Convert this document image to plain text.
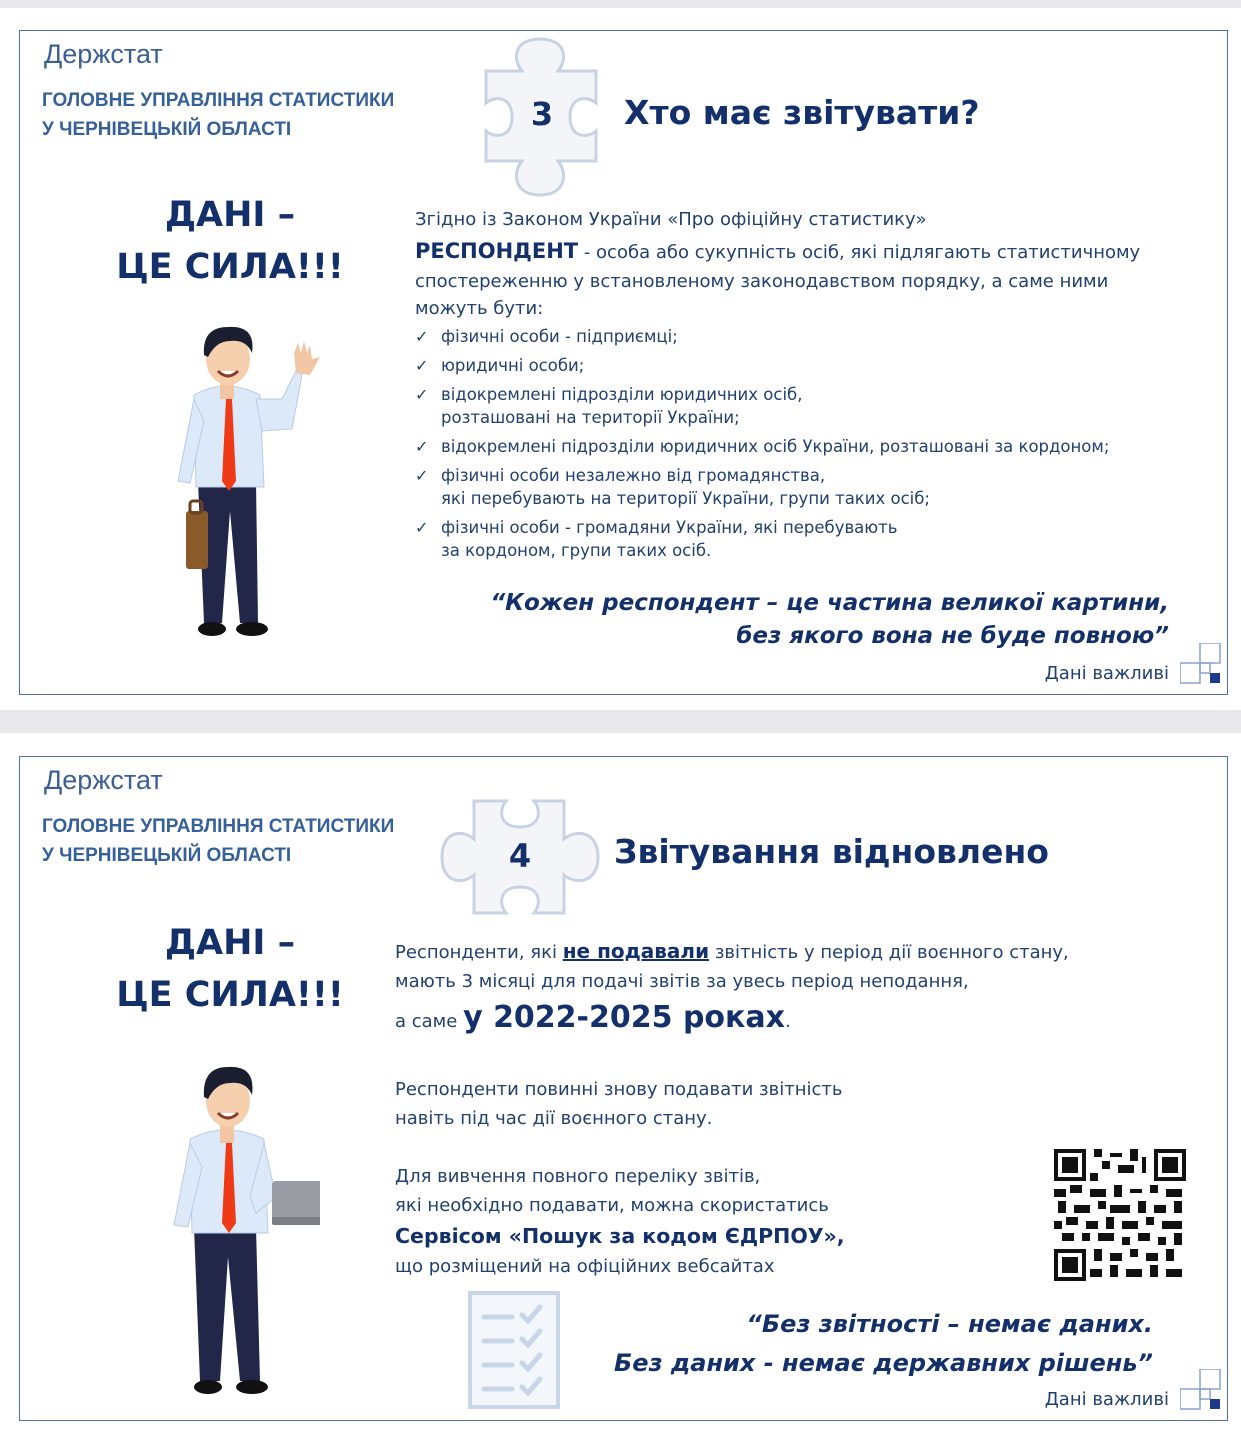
Держстат
ГОЛОВНЕ УПРАВЛІННЯ СТАТИСТИКИ
У ЧЕРНІВЕЦЬКІЙ ОБЛАСТІ
ДАНІ –
ЦЕ СИЛА!!!
3 Хто має звітувати?
Згідно із Законом України «Про офіційну статистику»
РЕСПОНДЕНТ - особа або сукупність осіб, які підлягають статистичному
спостереженню у встановленому законодавством порядку, а саме ними
можуть бути:
✓ фізичні особи - підприємці;
✓ юридичні особи;
✓ відокремлені підрозділи юридичних осіб,
розташовані на території України;
✓ відокремлені підрозділи юридичних осіб України, розташовані за кордоном;
✓ фізичні особи незалежно від громадянства,
які перебувають на території України, групи таких осіб;
✓ фізичні особи - громадяни України, які перебувають
за кордоном, групи таких осіб.
“Кожен респондент – це частина великої картини,
без якого вона не буде повною”
Дані важливі
Держстат
ГОЛОВНЕ УПРАВЛІННЯ СТАТИСТИКИ
У ЧЕРНІВЕЦЬКІЙ ОБЛАСТІ
ДАНІ –
ЦЕ СИЛА!!!
4	Звітування відновлено
Респонденти, які не подавали звітність у період дії воєнного стану,
мають 3 місяці для подачі звітів за увесь період неподання,
а саме у 2022-2025 роках.
Респонденти повинні знову подавати звітність
навіть під час дії воєнного стану.
Для вивчення повного переліку звітів,
які необхідно подавати, можна скористатись
Сервісом «Пошук за кодом ЄДРПОУ»,
що розміщений на офіційних вебсайтах
“Без звітності – немає даних.
Без даних - немає державних рішень”
Дані важливі
